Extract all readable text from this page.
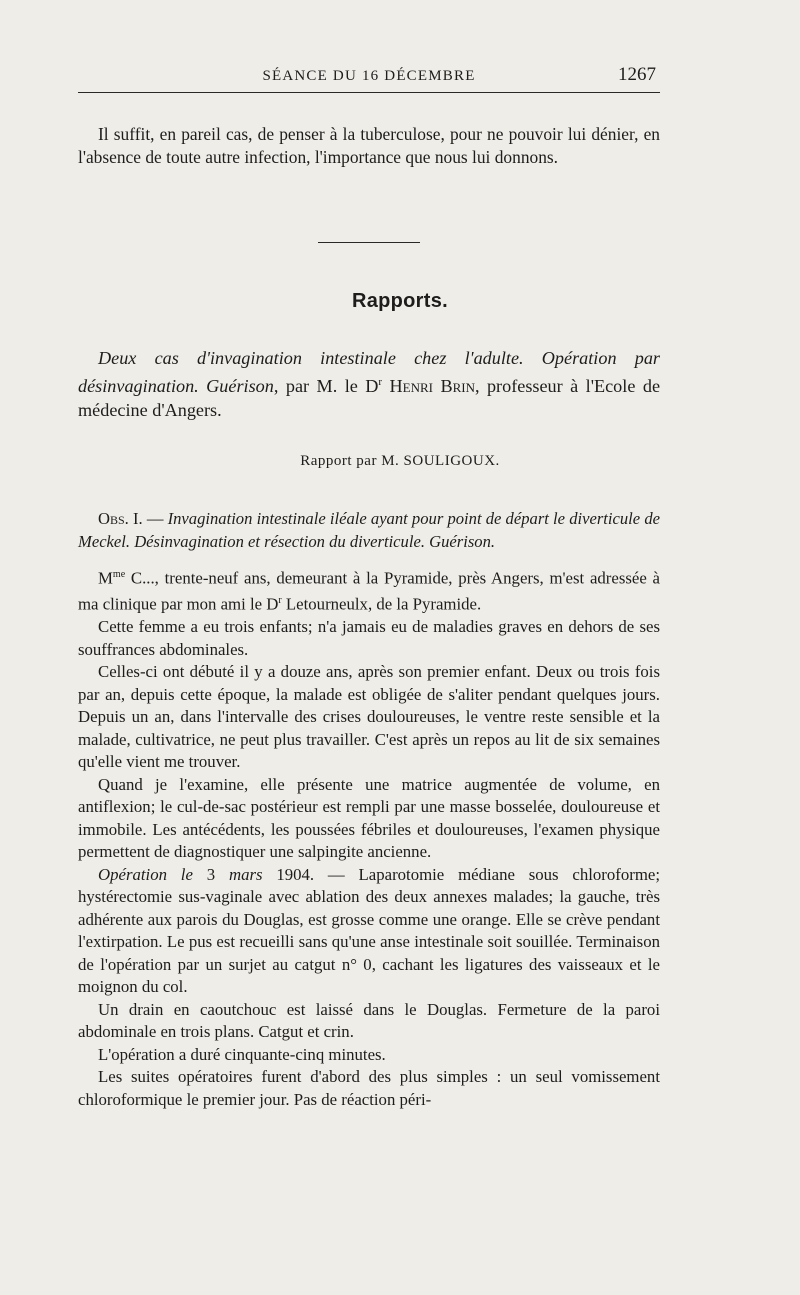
SÉANCE DU 16 DÉCEMBRE	1267
Il suffit, en pareil cas, de penser à la tuberculose, pour ne pouvoir lui dénier, en l'absence de toute autre infection, l'importance que nous lui donnons.
Rapports.
Deux cas d'invagination intestinale chez l'adulte. Opération par désinvagination. Guérison, par M. le $D^r$ Henri Brin, professeur à l'Ecole de médecine d'Angers.
Rapport par M. SOULIGOUX.
Obs. I. — Invagination intestinale iléale ayant pour point de départ le diverticule de Meckel. Désinvagination et résection du diverticule. Guérison.

$M^{me}$ C..., trente-neuf ans, demeurant à la Pyramide, près Angers, m'est adressée à ma clinique par mon ami le $D^r$ Letourneulx, de la Pyramide.

Cette femme a eu trois enfants; n'a jamais eu de maladies graves en dehors de ses souffrances abdominales.

Celles-ci ont débuté il y a douze ans, après son premier enfant. Deux ou trois fois par an, depuis cette époque, la malade est obligée de s'aliter pendant quelques jours. Depuis un an, dans l'intervalle des crises douloureuses, le ventre reste sensible et la malade, cultivatrice, ne peut plus travailler. C'est après un repos au lit de six semaines qu'elle vient me trouver.

Quand je l'examine, elle présente une matrice augmentée de volume, en antiflexion; le cul-de-sac postérieur est rempli par une masse bosselée, douloureuse et immobile. Les antécédents, les poussées fébriles et douloureuses, l'examen physique permettent de diagnostiquer une salpingite ancienne.

Opération le 3 mars 1904. — Laparotomie médiane sous chloroforme; hystérectomie sus-vaginale avec ablation des deux annexes malades; la gauche, très adhérente aux parois du Douglas, est grosse comme une orange. Elle se crève pendant l'extirpation. Le pus est recueilli sans qu'une anse intestinale soit souillée. Terminaison de l'opération par un surjet au catgut n° 0, cachant les ligatures des vaisseaux et le moignon du col.

Un drain en caoutchouc est laissé dans le Douglas. Fermeture de la paroi abdominale en trois plans. Catgut et crin.

L'opération a duré cinquante-cinq minutes.

Les suites opératoires furent d'abord des plus simples : un seul vomissement chloroformique le premier jour. Pas de réaction péri-
